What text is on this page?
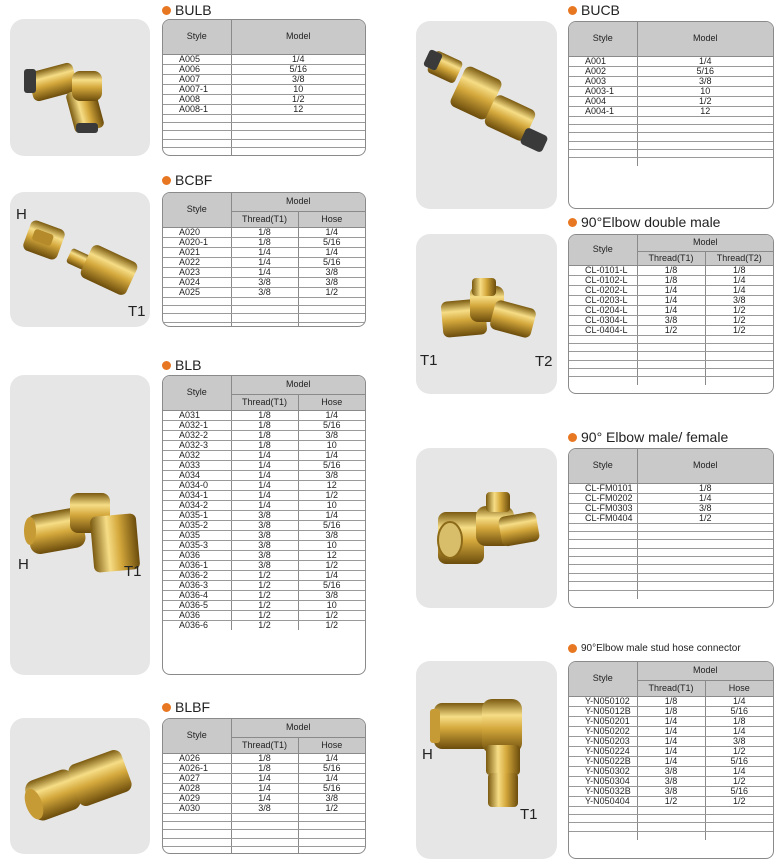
BULB
Style	Model
A005	1/4
A006	5/16
A007	3/8
A007-1	10
A008	1/2
A008-1	12

H
T1
BCBF
Style	Model	
	Thread(T1)	Hose
A020	1/8	1/4
A020-1	1/8	5/16
A021	1/4	1/4
A022	1/4	5/16
A023	1/4	3/8
A024	3/8	3/8
A025	3/8	1/2

H	T1
BLB
Style	Model	
	Thread(T1)	Hose
A031	1/8	1/4
A032-1	1/8	5/16
A032-2	1/8	3/8
A032-3	1/8	10
A032	1/4	1/4
A033	1/4	5/16
A034	1/4	3/8
A034-0	1/4	12
A034-1	1/4	1/2
A034-2	1/4	10
A035-1	3/8	1/4
A035-2	3/8	5/16
A035	3/8	3/8
A035-3	3/8	10
A036	3/8	12
A036-1	3/8	1/2
A036-2	1/2	1/4
A036-3	1/2	5/16
A036-4	1/2	3/8
A036-5	1/2	10
A036	1/2	1/2
A036-6	1/2	1/2
BLBF
Style	Model	
	Thread(T1)	Hose
A026	1/8	1/4
A026-1	1/8	5/16
A027	1/4	1/4
A028	1/4	5/16
A029	1/4	3/8
A030	3/8	1/2

BUCB
Style	Model
A001	1/4
A002	5/16
A003	3/8
A003-1	10
A004	1/2
A004-1	12

T1	T2
90°Elbow double male
Style	Model	
	Thread(T1)	Thread(T2)
CL-0101-L	1/8	1/8
CL-0102-L	1/8	1/4
CL-0202-L	1/4	1/4
CL-0203-L	1/4	3/8
CL-0204-L	1/4	1/2
CL-0304-L	3/8	1/2
CL-0404-L	1/2	1/2

90° Elbow male/ female
Style	Model
CL-FM0101	1/8
CL-FM0202	1/4
CL-FM0303	3/8
CL-FM0404	1/2

H
T1
90°Elbow male stud hose connector
Style	Model	
	Thread(T1)	Hose
Y-N050102	1/8	1/4
Y-N05012B	1/8	5/16
Y-N050201	1/4	1/8
Y-N050202	1/4	1/4
Y-N050203	1/4	3/8
Y-N050224	1/4	1/2
Y-N05022B	1/4	5/16
Y-N050302	3/8	1/4
Y-N050304	3/8	1/2
Y-N05032B	3/8	5/16
Y-N050404	1/2	1/2
